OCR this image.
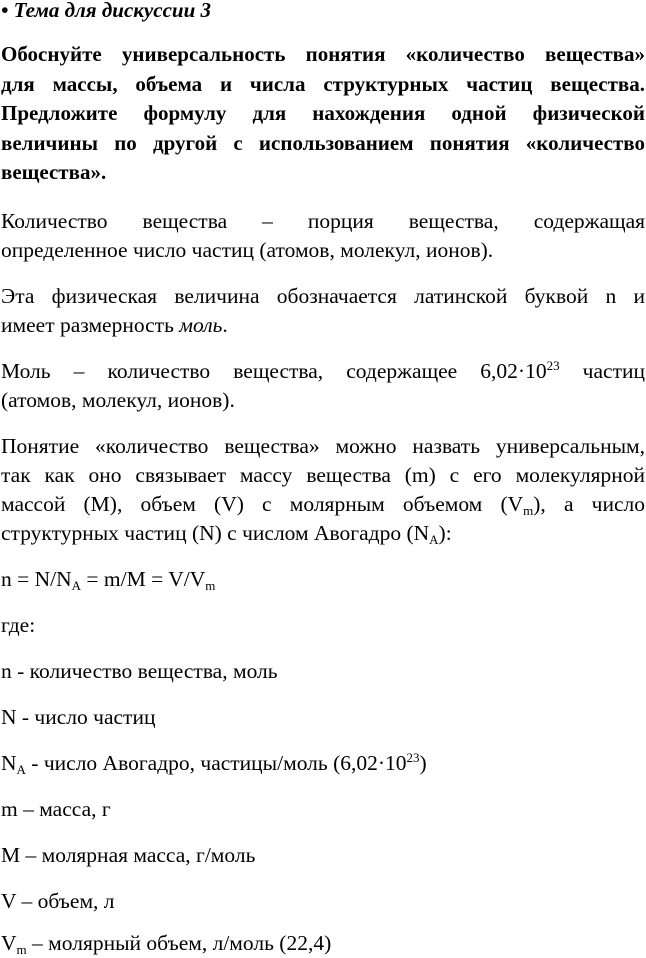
• Тема для дискуссии 3
Обоснуйте универсальность понятия «количество вещества»
для массы, объема и числа структурных частиц вещества.
Предложите формулу для нахождения одной физической
величины по другой с использованием понятия «количество
вещества».
Количество вещества – порция вещества, содержащая
определенное число частиц (атомов, молекул, ионов).
Эта физическая величина обозначается латинской буквой n и
имеет размерность моль.
Моль – количество вещества, содержащее $6,02\cdot 10^{23}$ частиц
(атомов, молекул, ионов).
Понятие «количество вещества» можно назвать универсальным,
так как оно связывает массу вещества (m) с его молекулярной
массой (M), объем (V) с молярным объемом $(V_m)$, а число
структурных частиц (N) с числом Авогадро $(N_A)$:
$n = N/N_A = m/M = V/V_m$
где:
n - количество вещества, моль
N - число частиц
$N_A$ - число Авогадро, частицы/моль $(6,02\cdot 10^{23})$
m – масса, г
M – молярная масса, г/моль
V – объем, л
$V_m$ – молярный объем, л/моль (22,4)
